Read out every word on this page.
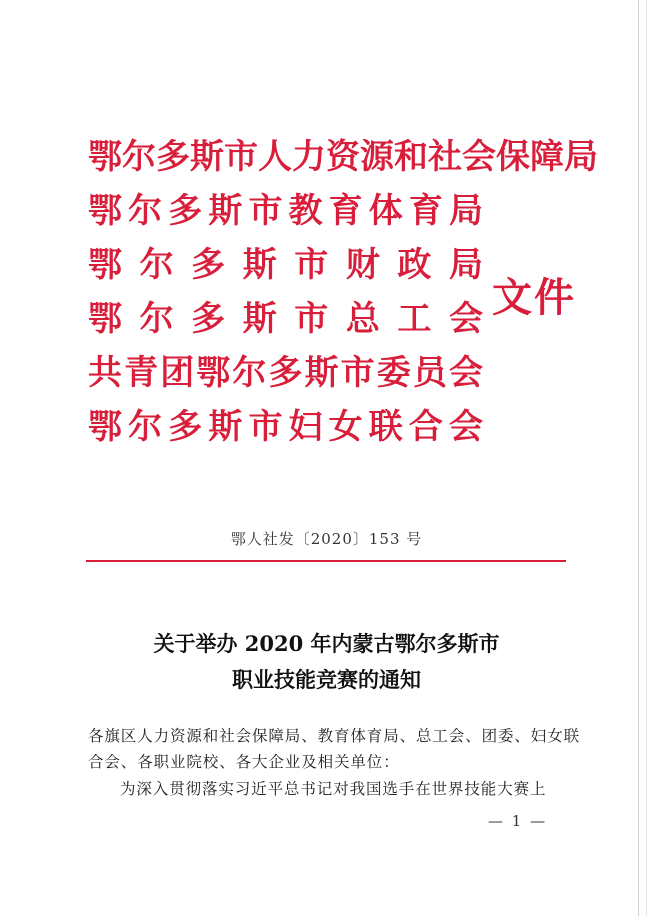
鄂 尔 多 斯 市 人 力 资 源 和 社 会 保 障 局
鄂 尔 多 斯 市 教 育 体 育 局
鄂 尔 多 斯 市 财 政 局
鄂 尔 多 斯 市 总 工 会
共 青 团 鄂 尔 多 斯 市 委 员 会
鄂 尔 多 斯 市 妇 女 联 合 会
文件
鄂人社发〔2020〕153 号
关于举办 2020 年内蒙古鄂尔多斯市
职业技能竞赛的通知
各旗区人力资源和社会保障局、教育体育局、总工会、团委、妇女联
合会、各职业院校、各大企业及相关单位：
为深入贯彻落实习近平总书记对我国选手在世界技能大赛上
— 1 —
